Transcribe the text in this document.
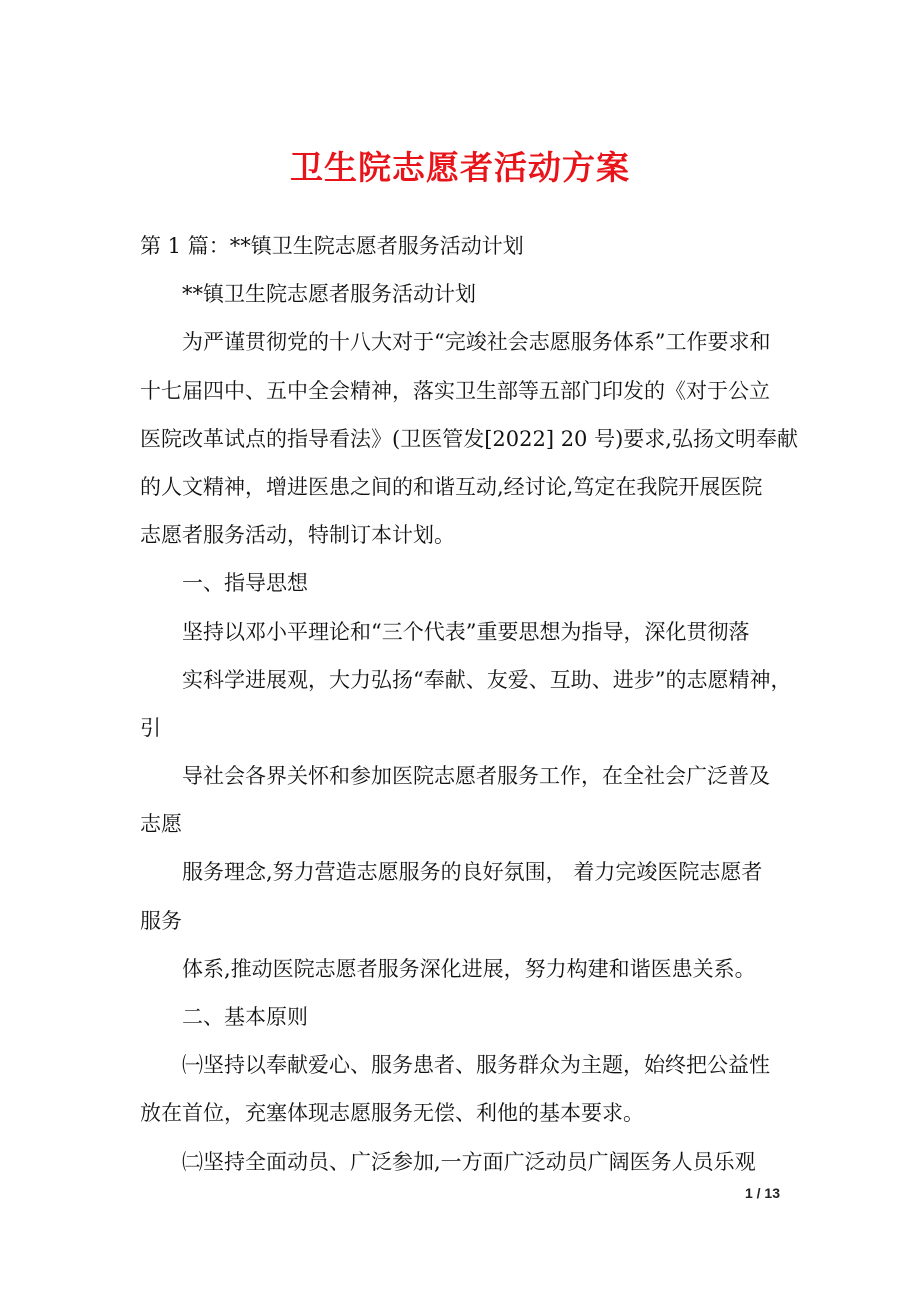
卫生院志愿者活动方案
第 1 篇：**镇卫生院志愿者服务活动计划
**镇卫生院志愿者服务活动计划
为严谨贯彻党的十八大对于“完竣社会志愿服务体系”工作要求和
十七届四中、五中全会精神，落实卫生部等五部门印发的《对于公立
医院改革试点的指导看法》(卫医管发[2022] 20 号)要求,弘扬文明奉献
的人文精神，增进医患之间的和谐互动,经讨论,笃定在我院开展医院
志愿者服务活动，特制订本计划。
一、指导思想
坚持以邓小平理论和“三个代表”重要思想为指导，深化贯彻落
实科学进展观，大力弘扬“奉献、友爱、互助、进步”的志愿精神，
引
导社会各界关怀和参加医院志愿者服务工作，在全社会广泛普及
志愿
服务理念,努力营造志愿服务的良好氛围， 着力完竣医院志愿者
服务
体系,推动医院志愿者服务深化进展，努力构建和谐医患关系。
二、基本原则
㈠坚持以奉献爱心、服务患者、服务群众为主题，始终把公益性
放在首位，充塞体现志愿服务无偿、利他的基本要求。
㈡坚持全面动员、广泛参加,一方面广泛动员广阔医务人员乐观
1 / 13
